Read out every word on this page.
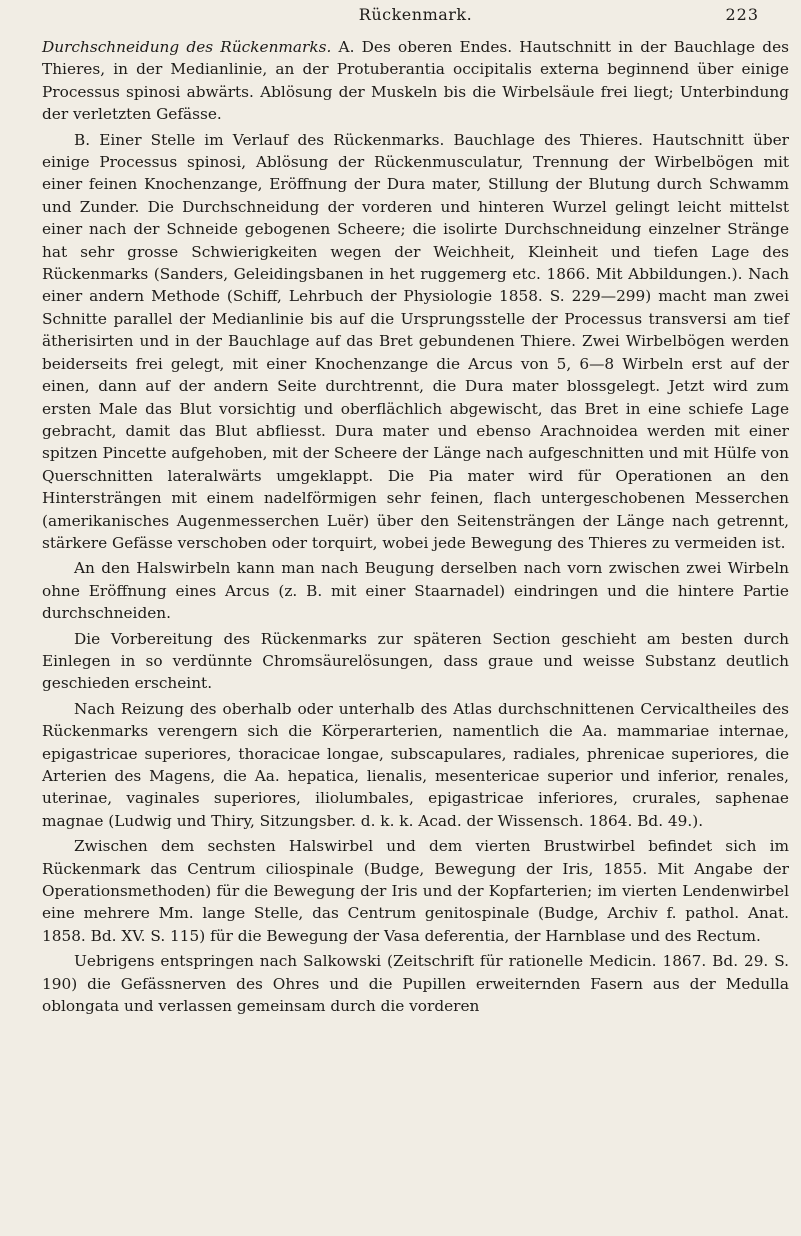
Rückenmark.	223

Durchschneidung des Rückenmarks. A. Des oberen Endes. Hautschnitt in der Bauchlage des Thieres, in der Medianlinie, an der Protuberantia occipitalis externa beginnend über einige Processus spinosi abwärts. Ablösung der Muskeln bis die Wirbelsäule frei liegt; Unterbindung der verletzten Gefässe.

B. Einer Stelle im Verlauf des Rückenmarks. Bauchlage des Thieres. Hautschnitt über einige Processus spinosi, Ablösung der Rückenmusculatur, Trennung der Wirbelbögen mit einer feinen Knochenzange, Eröffnung der Dura mater, Stillung der Blutung durch Schwamm und Zunder. Die Durchschneidung der vorderen und hinteren Wurzel gelingt leicht mittelst einer nach der Schneide gebogenen Scheere; die isolirte Durchschneidung einzelner Stränge hat sehr grosse Schwierigkeiten wegen der Weichheit, Kleinheit und tiefen Lage des Rückenmarks (Sanders, Geleidingsbanen in het ruggemerg etc. 1866. Mit Abbildungen.). Nach einer andern Methode (Schiff, Lehrbuch der Physiologie 1858. S. 229—299) macht man zwei Schnitte parallel der Medianlinie bis auf die Ursprungsstelle der Processus transversi am tief ätherisirten und in der Bauchlage auf das Bret gebundenen Thiere. Zwei Wirbelbögen werden beiderseits frei gelegt, mit einer Knochenzange die Arcus von 5, 6—8 Wirbeln erst auf der einen, dann auf der andern Seite durchtrennt, die Dura mater blossgelegt. Jetzt wird zum ersten Male das Blut vorsichtig und oberflächlich abgewischt, das Bret in eine schiefe Lage gebracht, damit das Blut abfliesst. Dura mater und ebenso Arachnoidea werden mit einer spitzen Pincette aufgehoben, mit der Scheere der Länge nach aufgeschnitten und mit Hülfe von Querschnitten lateralwärts umgeklappt. Die Pia mater wird für Operationen an den Hintersträngen mit einem nadelförmigen sehr feinen, flach untergeschobenen Messerchen (amerikanisches Augenmesserchen Luër) über den Seitensträngen der Länge nach getrennt, stärkere Gefässe verschoben oder torquirt, wobei jede Bewegung des Thieres zu vermeiden ist.

An den Halswirbeln kann man nach Beugung derselben nach vorn zwischen zwei Wirbeln ohne Eröffnung eines Arcus (z. B. mit einer Staarnadel) eindringen und die hintere Partie durchschneiden.

Die Vorbereitung des Rückenmarks zur späteren Section geschieht am besten durch Einlegen in so verdünnte Chromsäurelösungen, dass graue und weisse Substanz deutlich geschieden erscheint.

Nach Reizung des oberhalb oder unterhalb des Atlas durchschnittenen Cervicaltheiles des Rückenmarks verengern sich die Körperarterien, namentlich die Aa. mammariae internae, epigastricae superiores, thoracicae longae, subscapulares, radiales, phrenicae superiores, die Arterien des Magens, die Aa. hepatica, lienalis, mesentericae superior und inferior, renales, uterinae, vaginales superiores, iliolumbales, epigastricae inferiores, crurales, saphenae magnae (Ludwig und Thiry, Sitzungsber. d. k. k. Acad. der Wissensch. 1864. Bd. 49.).

Zwischen dem sechsten Halswirbel und dem vierten Brustwirbel befindet sich im Rückenmark das Centrum ciliospinale (Budge, Bewegung der Iris, 1855. Mit Angabe der Operationsmethoden) für die Bewegung der Iris und der Kopfarterien; im vierten Lendenwirbel eine mehrere Mm. lange Stelle, das Centrum genitospinale (Budge, Archiv f. pathol. Anat. 1858. Bd. XV. S. 115) für die Bewegung der Vasa deferentia, der Harnblase und des Rectum.

Uebrigens entspringen nach Salkowski (Zeitschrift für rationelle Medicin. 1867. Bd. 29. S. 190) die Gefässnerven des Ohres und die Pupillen erweiternden Fasern aus der Medulla oblongata und verlassen gemeinsam durch die vorderen
